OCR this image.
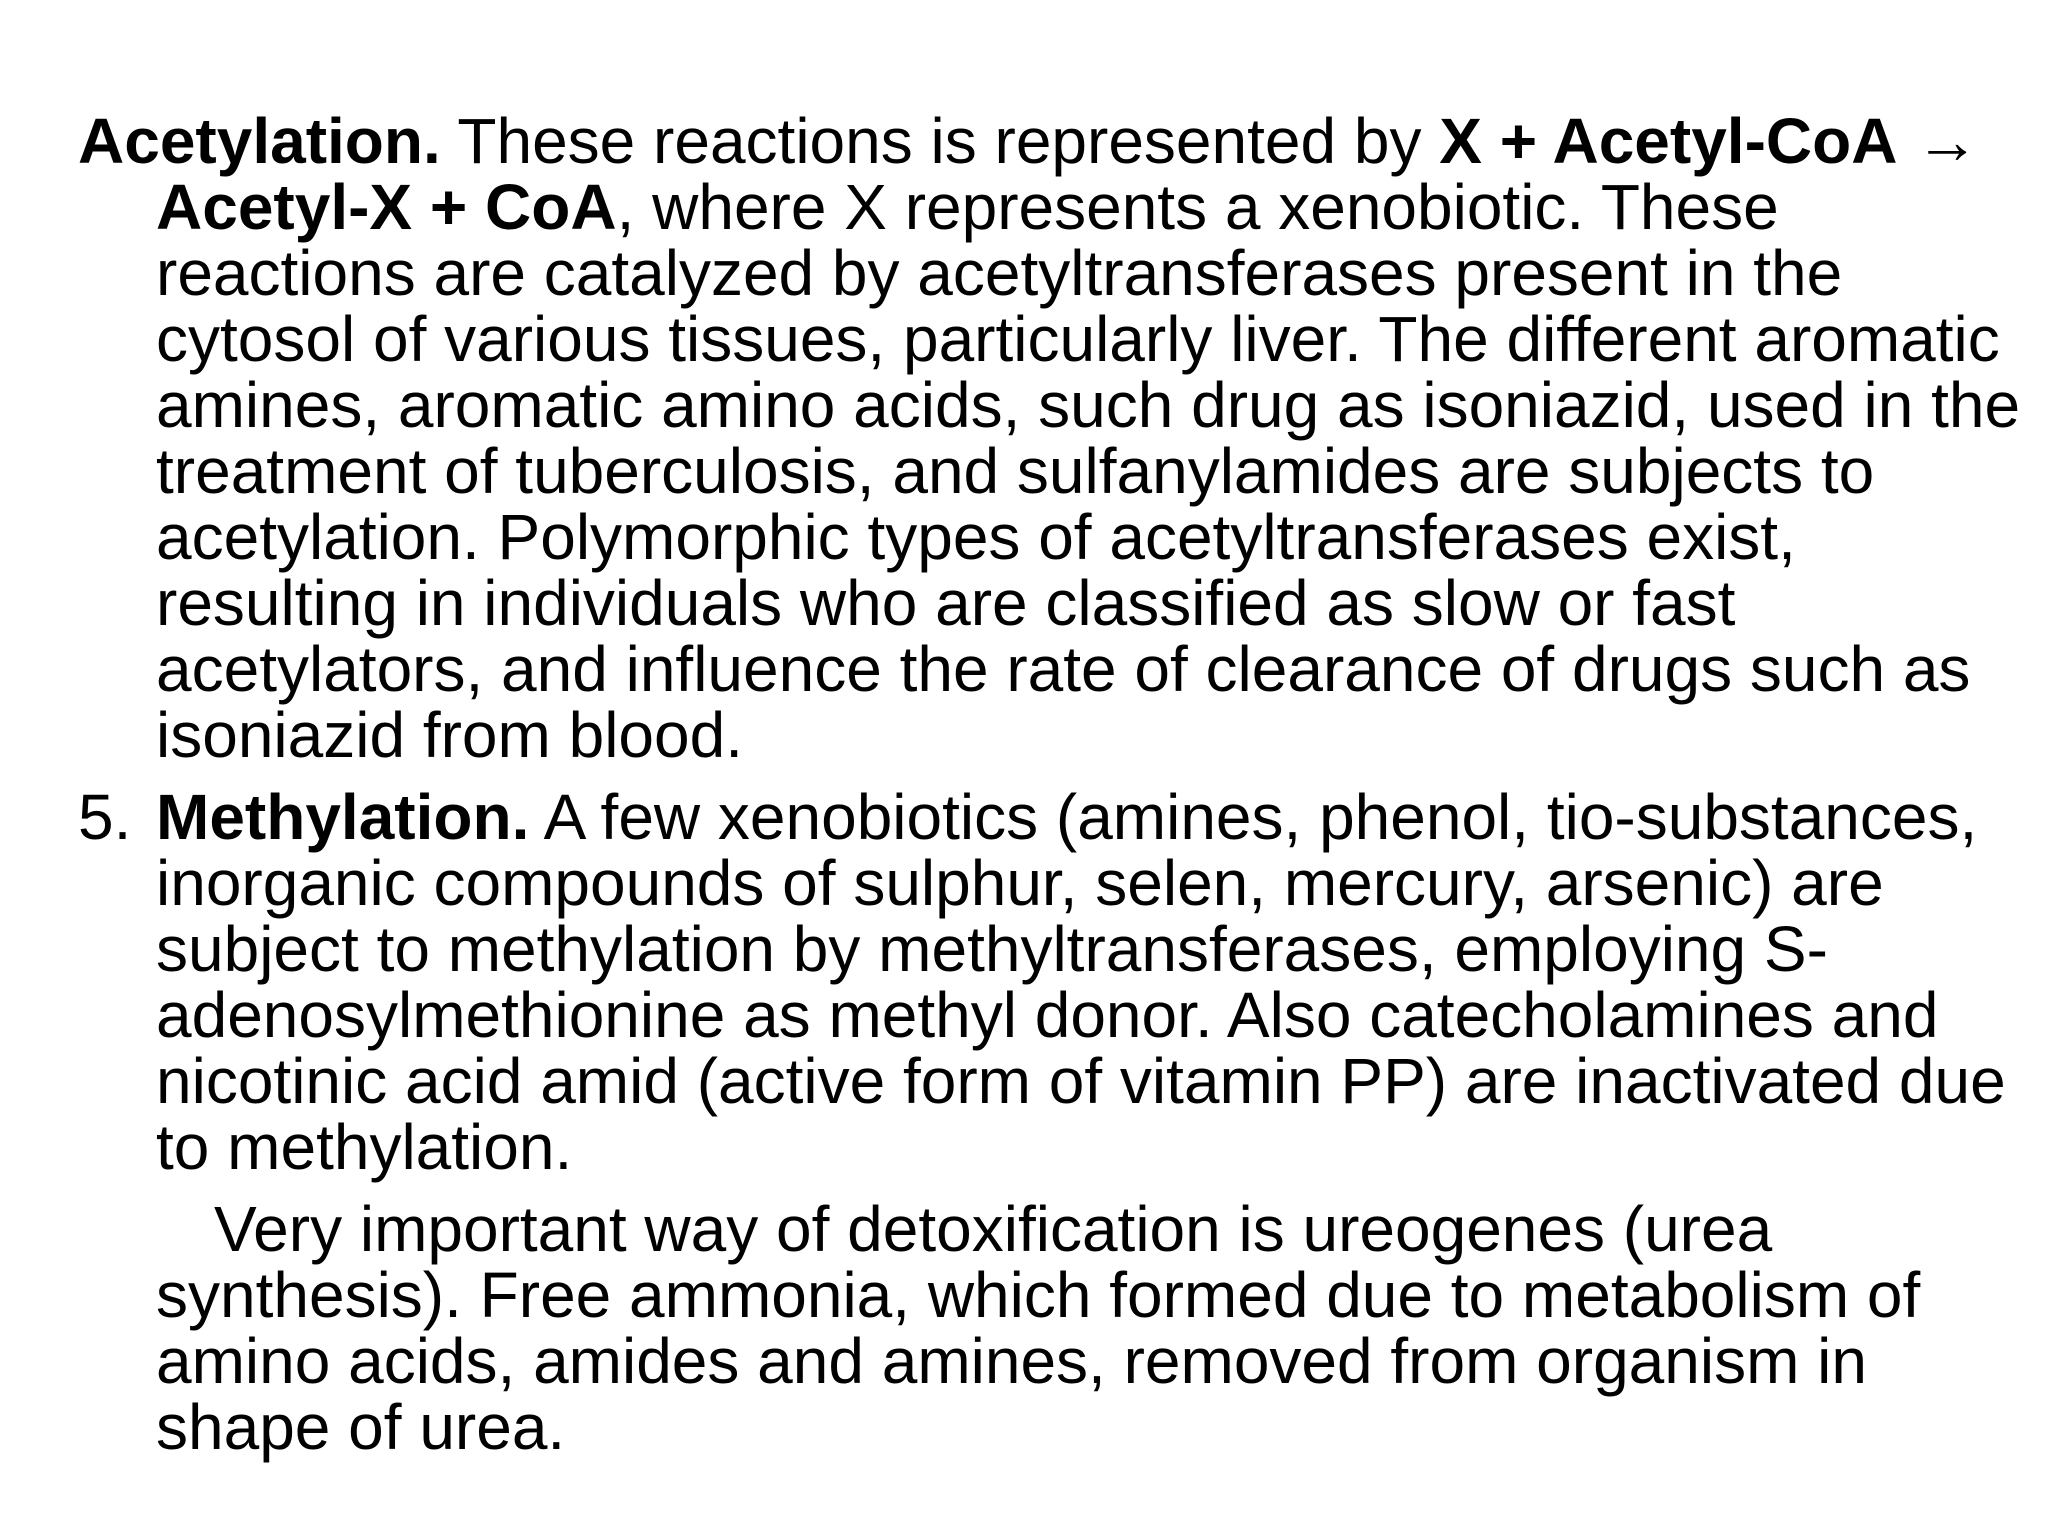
Acetylation. These reactions is represented by X + Acetyl-CoA → Acetyl-X + CoA, where X represents a xenobiotic. These reactions are catalyzed by acetyltransferases present in the cytosol of various tissues, particularly liver. The different aromatic amines, aromatic amino acids, such drug as isoniazid, used in the treatment of tuberculosis, and sulfanylamides are subjects to acetylation. Polymorphic types of acetyltransferases exist, resulting in individuals who are classified as slow or fast acetylators, and influence the rate of clearance of drugs such as isoniazid from blood.

5. Methylation. A few xenobiotics (amines, phenol, tio-substances, inorganic compounds of sulphur, selen, mercury, arsenic) are subject to methylation by methyltransferases, employing S-adenosylmethionine as methyl donor. Also catecholamines and nicotinic acid amid (active form of vitamin PP) are inactivated due to methylation.

Very important way of detoxification is ureogenes (urea synthesis). Free ammonia, which formed due to metabolism of amino acids, amides and amines, removed from organism in shape of urea.
